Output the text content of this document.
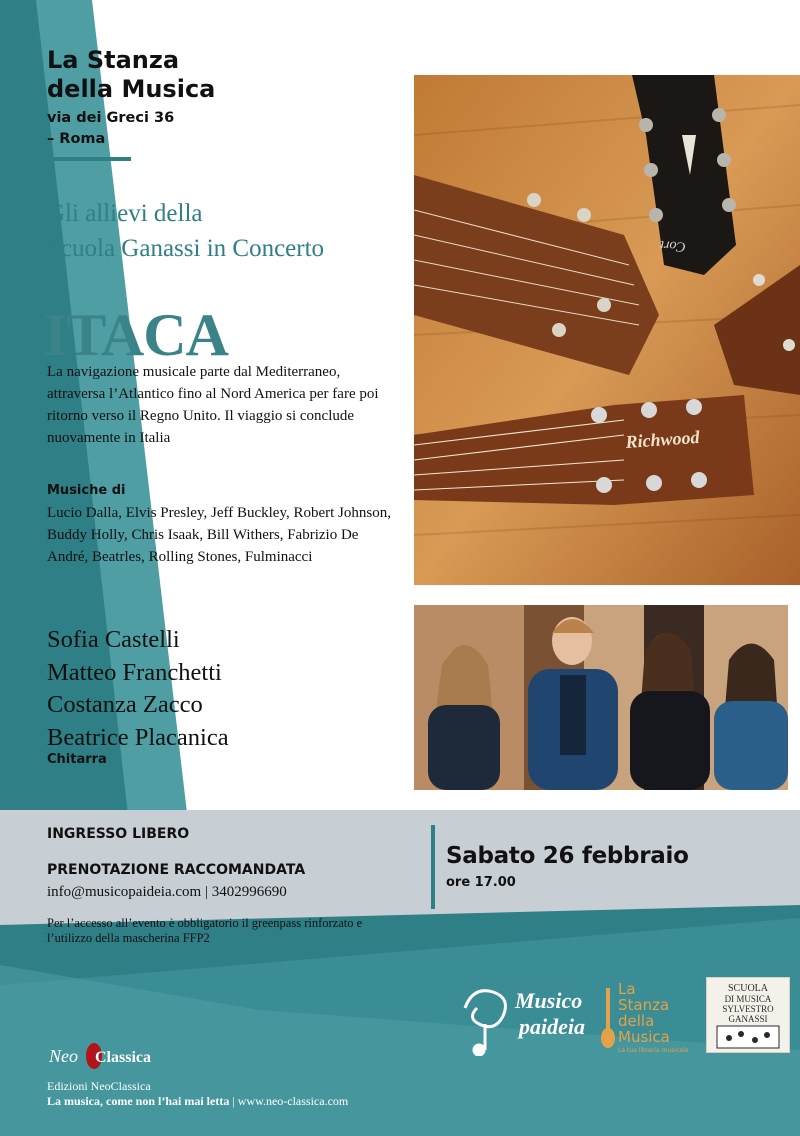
La Stanza
della Musica
via dei Greci 36
– Roma
Gli allievi della
Scuola Ganassi in Concerto
ITACA
La navigazione musicale parte dal Mediterraneo, attraversa l’Atlantico fino al Nord America per fare poi ritorno verso il Regno Unito. Il viaggio si conclude nuovamente in Italia
Musiche di
Lucio Dalla, Elvis Presley, Jeff Buckley, Robert Johnson, Buddy Holly, Chris Isaak, Bill Withers, Fabrizio De André, Beatrles, Rolling Stones, Fulminacci
Sofia Castelli
Matteo Franchetti
Costanza Zacco
Beatrice Placanica
Chitarra
Cort
Richwood
INGRESSO LIBERO
PRENOTAZIONE RACCOMANDATA
info@musicopaideia.com | 3402996690
Per l’accesso all’evento è obbligatorio il greenpass rinforzato e l’utilizzo della mascherina FFP2
Sabato 26 febbraio
ore 17.00
Neo Classica
Edizioni NeoClassica
La musica, come non l’hai mai letta | www.neo-classica.com
Musico
paideia
La
Stanza
della
Musica
La tua libreria musicale
SCUOLA
DI MUSICA
SYLVESTRO
GANASSI
